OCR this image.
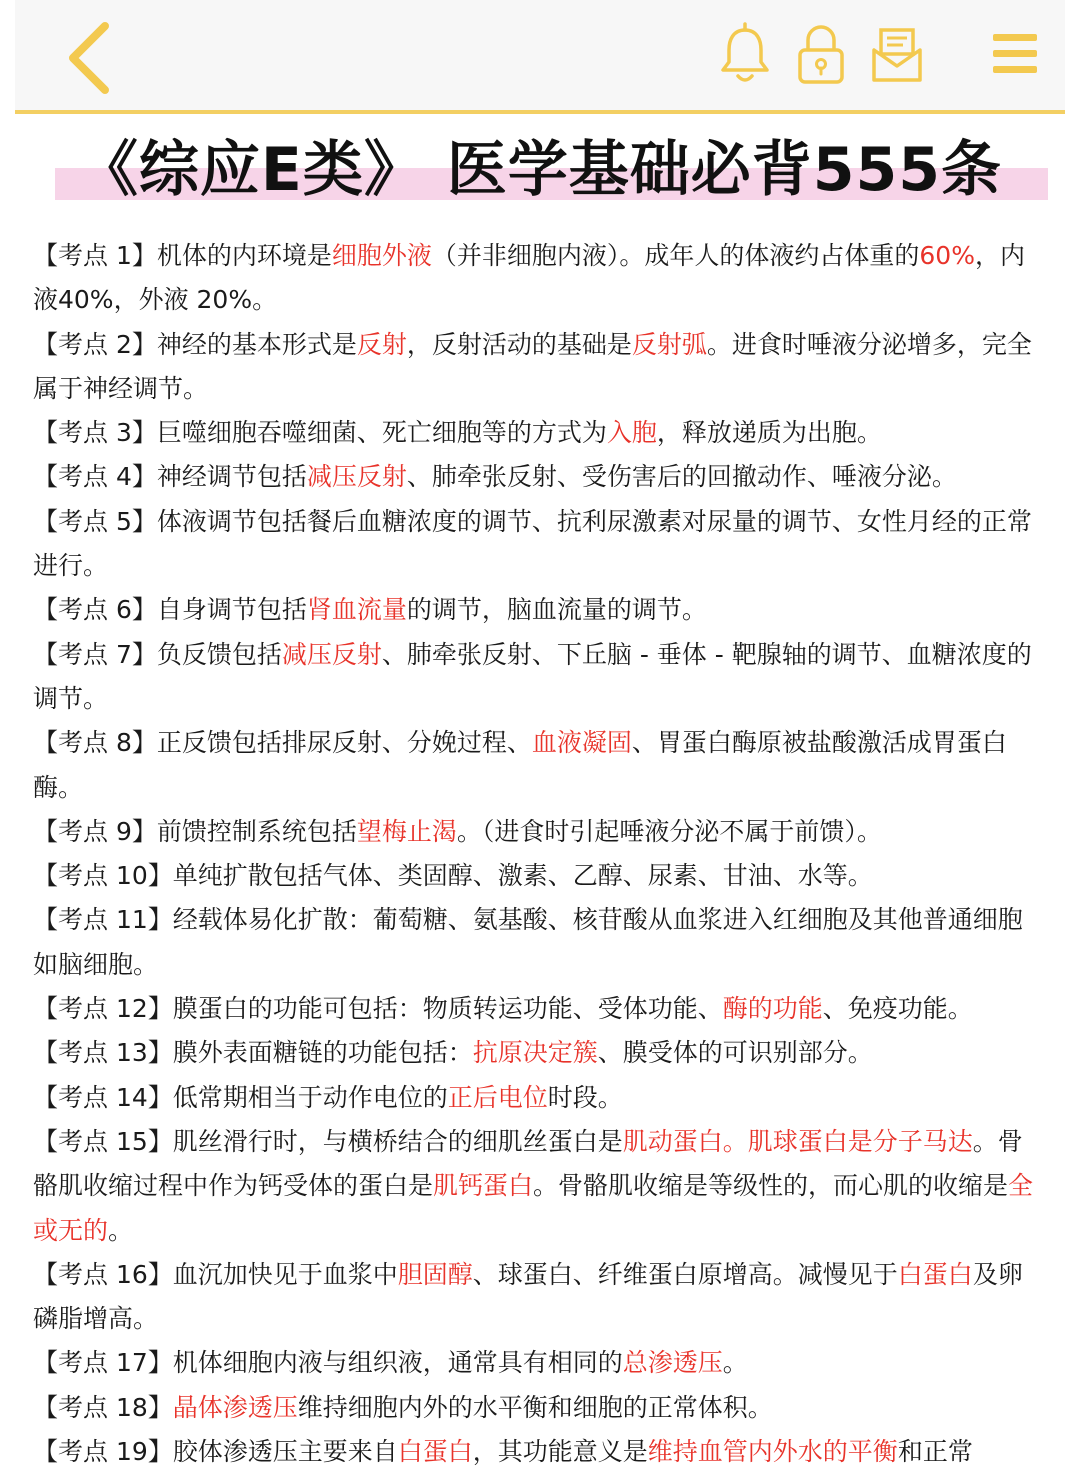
《综应E类》 医学基础必背555条

【考点 1】机体的内环境是细胞外液（并非细胞内液）。成年人的体液约占体重的60%，内液40%，外液 20%。

【考点 2】神经的基本形式是反射，反射活动的基础是反射弧。进食时唾液分泌增多，完全属于神经调节。

【考点 3】巨噬细胞吞噬细菌、死亡细胞等的方式为入胞，释放递质为出胞。

【考点 4】神经调节包括减压反射、肺牵张反射、受伤害后的回撤动作、唾液分泌。

【考点 5】体液调节包括餐后血糖浓度的调节、抗利尿激素对尿量的调节、女性月经的正常进行。

【考点 6】自身调节包括肾血流量的调节，脑血流量的调节。

【考点 7】负反馈包括减压反射、肺牵张反射、下丘脑 - 垂体 - 靶腺轴的调节、血糖浓度的调节。

【考点 8】正反馈包括排尿反射、分娩过程、血液凝固、胃蛋白酶原被盐酸激活成胃蛋白酶。

【考点 9】前馈控制系统包括望梅止渴。（进食时引起唾液分泌不属于前馈）。

【考点 10】单纯扩散包括气体、类固醇、激素、乙醇、尿素、甘油、水等。

【考点 11】经载体易化扩散：葡萄糖、氨基酸、核苷酸从血浆进入红细胞及其他普通细胞如脑细胞。

【考点 12】膜蛋白的功能可包括：物质转运功能、受体功能、酶的功能、免疫功能。

【考点 13】膜外表面糖链的功能包括：抗原决定簇、膜受体的可识别部分。

【考点 14】低常期相当于动作电位的正后电位时段。

【考点 15】肌丝滑行时，与横桥结合的细肌丝蛋白是肌动蛋白。肌球蛋白是分子马达。骨骼肌收缩过程中作为钙受体的蛋白是肌钙蛋白。骨骼肌收缩是等级性的，而心肌的收缩是全或无的。

【考点 16】血沉加快见于血浆中胆固醇、球蛋白、纤维蛋白原增高。减慢见于白蛋白及卵磷脂增高。

【考点 17】机体细胞内液与组织液，通常具有相同的总渗透压。

【考点 18】晶体渗透压维持细胞内外的水平衡和细胞的正常体积。

【考点 19】胶体渗透压主要来自白蛋白，其功能意义是维持血管内外水的平衡和正常
